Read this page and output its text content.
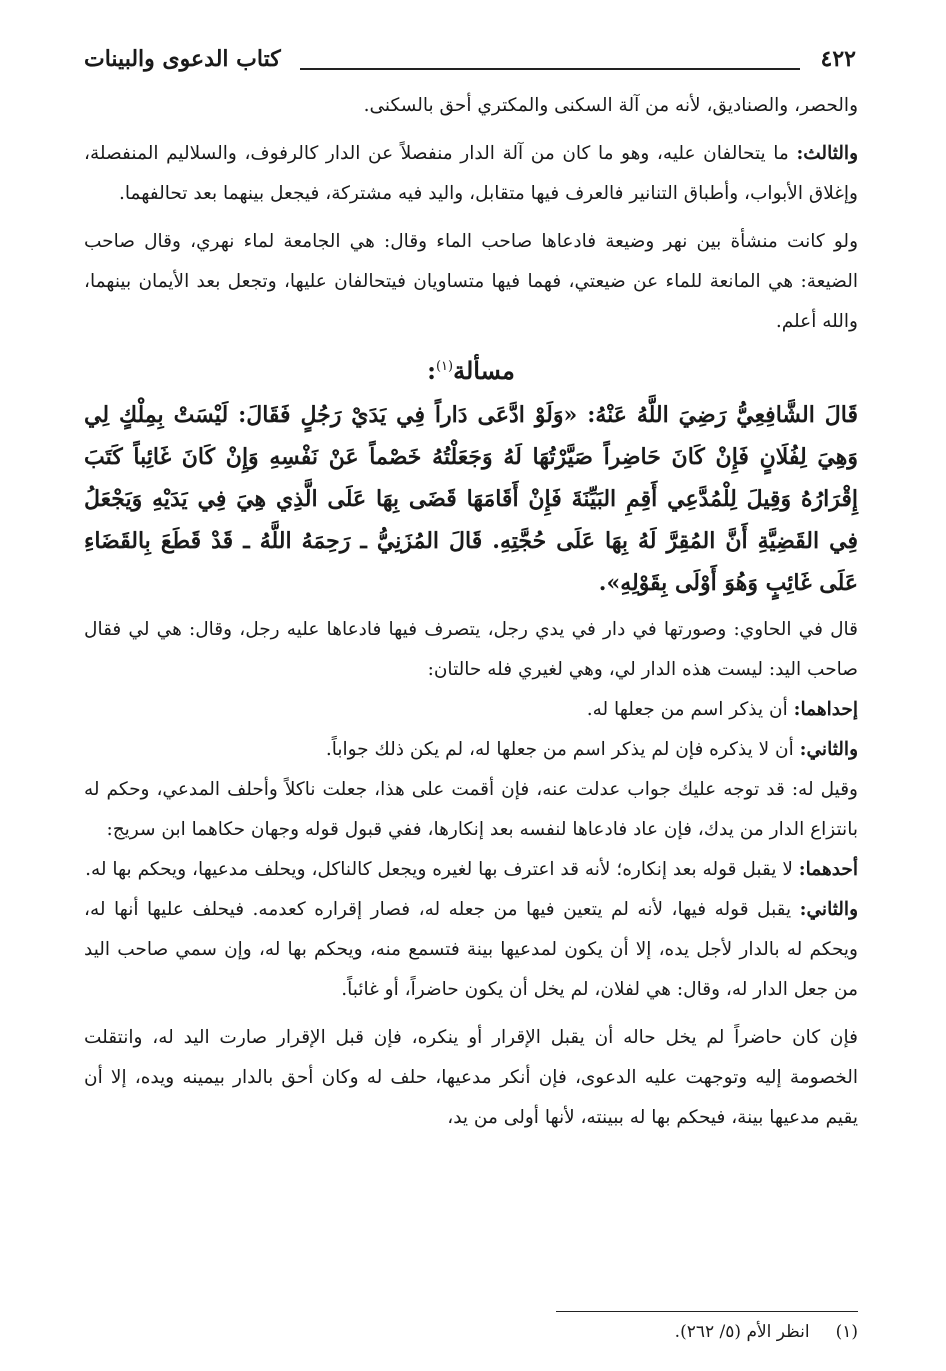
٤٢٢
كتاب الدعوى والبينات

والحصر، والصناديق، لأنه من آلة السكنى والمكتري أحق بالسكنى.

والثالث: ما يتحالفان عليه، وهو ما كان من آلة الدار منفصلاً عن الدار كالرفوف، والسلاليم المنفصلة، وإغلاق الأبواب، وأطباق التنانير فالعرف فيها متقابل، واليد فيه مشتركة، فيجعل بينهما بعد تحالفهما.

ولو كانت منشأة بين نهر وضيعة فادعاها صاحب الماء وقال: هي الجامعة لماء نهري، وقال صاحب الضيعة: هي المانعة للماء عن ضيعتي، فهما فيها متساويان فيتحالفان عليها، وتجعل بعد الأيمان بينهما، والله أعلم.

مسألة$^{(١)}$:

قَالَ الشَّافِعِيُّ رَضِيَ اللَّهُ عَنْهُ: «وَلَوْ ادَّعَى دَاراً فِي يَدَيْ رَجُلٍ فَقَالَ: لَيْسَتْ بِمِلْكٍ لِي وَهِيَ لِفُلَانٍ فَإِنْ كَانَ حَاضِراً صَيَّرْتُهَا لَهُ وَجَعَلْتُهُ خَصْماً عَنْ نَفْسِهِ وَإِنْ كَانَ غَائِباً كَتَبَ إِقْرَارُهُ وَقِيلَ لِلْمُدَّعِي أَقِمِ البَيِّنَةَ فَإِنْ أَقَامَهَا قَضَى بِهَا عَلَى الَّذِي هِيَ فِي يَدَيْهِ وَيَجْعَلُ فِي القَضِيَّةِ أَنَّ المُقِرَّ لَهُ بِهَا عَلَى حُجَّتِهِ. قَالَ المُزَنِيُّ ـ رَحِمَهُ اللَّهُ ـ قَدْ قَطَعَ بِالقَضَاءِ عَلَى غَائِبٍ وَهُوَ أَوْلَى بِقَوْلِهِ».

قال في الحاوي: وصورتها في دار في يدي رجل، يتصرف فيها فادعاها عليه رجل، وقال: هي لي فقال صاحب اليد: ليست هذه الدار لي، وهي لغيري فله حالتان:

إحداهما: أن يذكر اسم من جعلها له.

والثاني: أن لا يذكره فإن لم يذكر اسم من جعلها له، لم يكن ذلك جواباً.

وقيل له: قد توجه عليك جواب عدلت عنه، فإن أقمت على هذا، جعلت ناكلاً وأحلف المدعي، وحكم له بانتزاع الدار من يدك، فإن عاد فادعاها لنفسه بعد إنكارها، ففي قبول قوله وجهان حكاهما ابن سريج:

أحدهما: لا يقبل قوله بعد إنكاره؛ لأنه قد اعترف بها لغيره ويجعل كالناكل، ويحلف مدعيها، ويحكم بها له.

والثاني: يقبل قوله فيها، لأنه لم يتعين فيها من جعله له، فصار إقراره كعدمه. فيحلف عليها أنها له، ويحكم له بالدار لأجل يده، إلا أن يكون لمدعيها بينة فتسمع منه، ويحكم بها له، وإن سمي صاحب اليد من جعل الدار له، وقال: هي لفلان، لم يخل أن يكون حاضراً، أو غائباً.

فإن كان حاضراً لم يخل حاله أن يقبل الإقرار أو ينكره، فإن قبل الإقرار صارت اليد له، وانتقلت الخصومة إليه وتوجهت عليه الدعوى، فإن أنكر مدعيها، حلف له وكان أحق بالدار بيمينه ويده، إلا أن يقيم مدعيها بينة، فيحكم بها له ببينته، لأنها أولى من يد،

(١)انظر الأم (٥/ ٢٦٢).
